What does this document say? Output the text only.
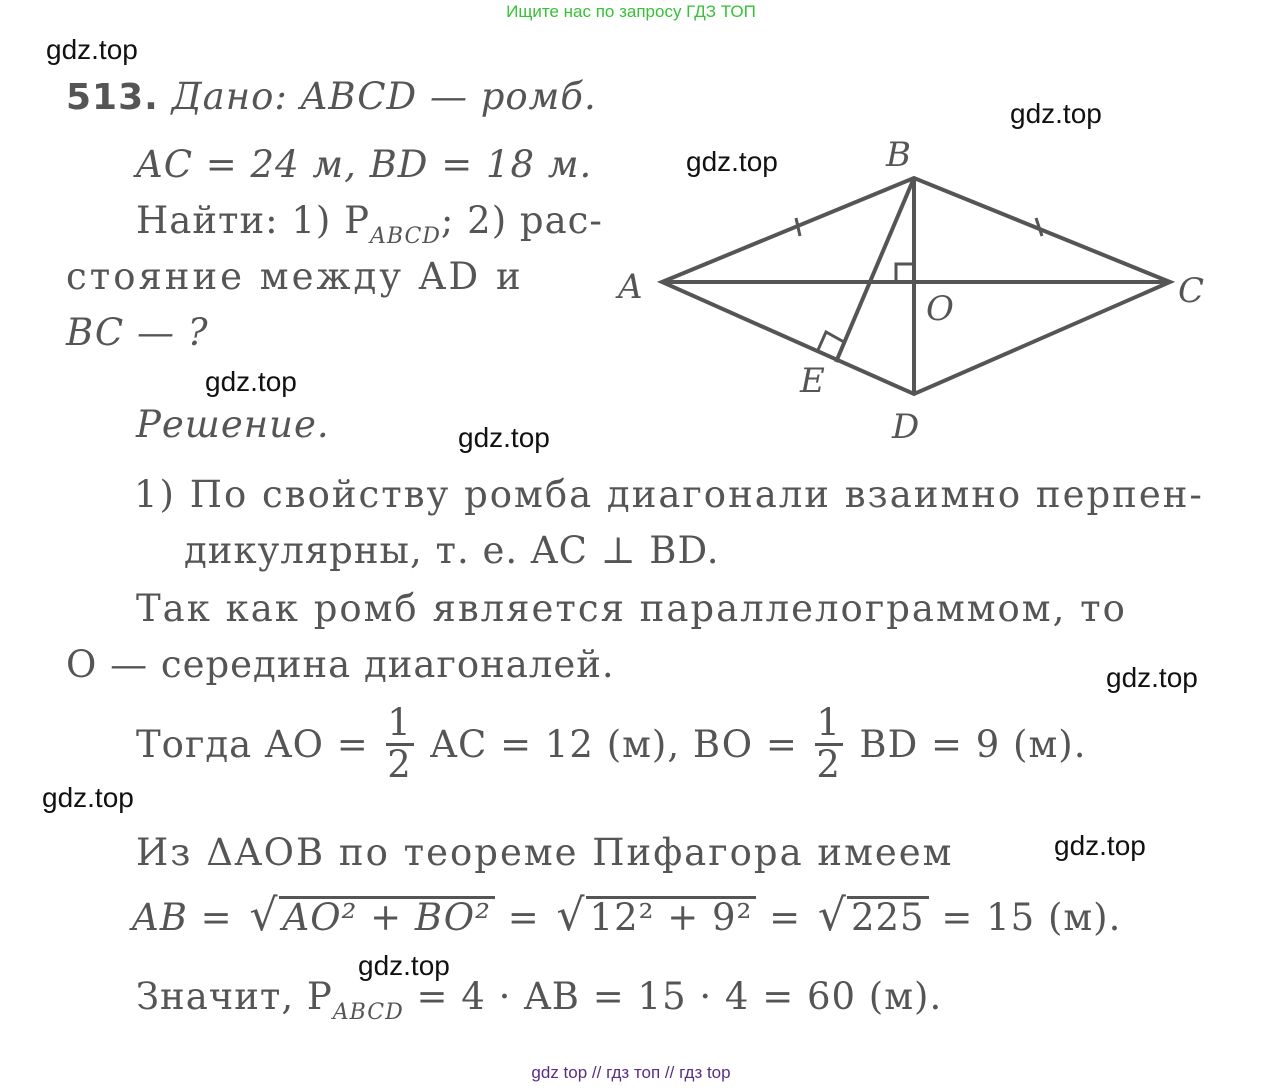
Ищите нас по запросу ГДЗ ТОП
gdz.top
gdz.top
gdz.top
gdz.top
gdz.top
gdz.top
gdz.top
gdz.top
gdz.top
513. Дано: ABCD — ромб.
AC = 24 м, BD = 18 м.
Найти: 1) $P_{ABCD}$; 2) рас-
стояние между AD и
BC — ?
Решение.
A
B
C
D
O
E
1) По свойству ромба диагонали взаимно перпен-
дикулярны, т. е. AC ⊥ BD.
Так как ромб является параллелограммом, то
O — середина диагоналей.
Тогда AO = $\frac{1}{2}$ AC = 12 (м), BO = $\frac{1}{2}$ BD = 9 (м).
Из ΔAOB по теореме Пифагора имеем
AB = √ AO² + BO² = √ 12² + 9² = √ 225 = 15 (м).
Значит, $P_{ABCD} = 4$ · AB = 15 · 4 = 60 (м).
gdz top // гдз топ // гдз top
